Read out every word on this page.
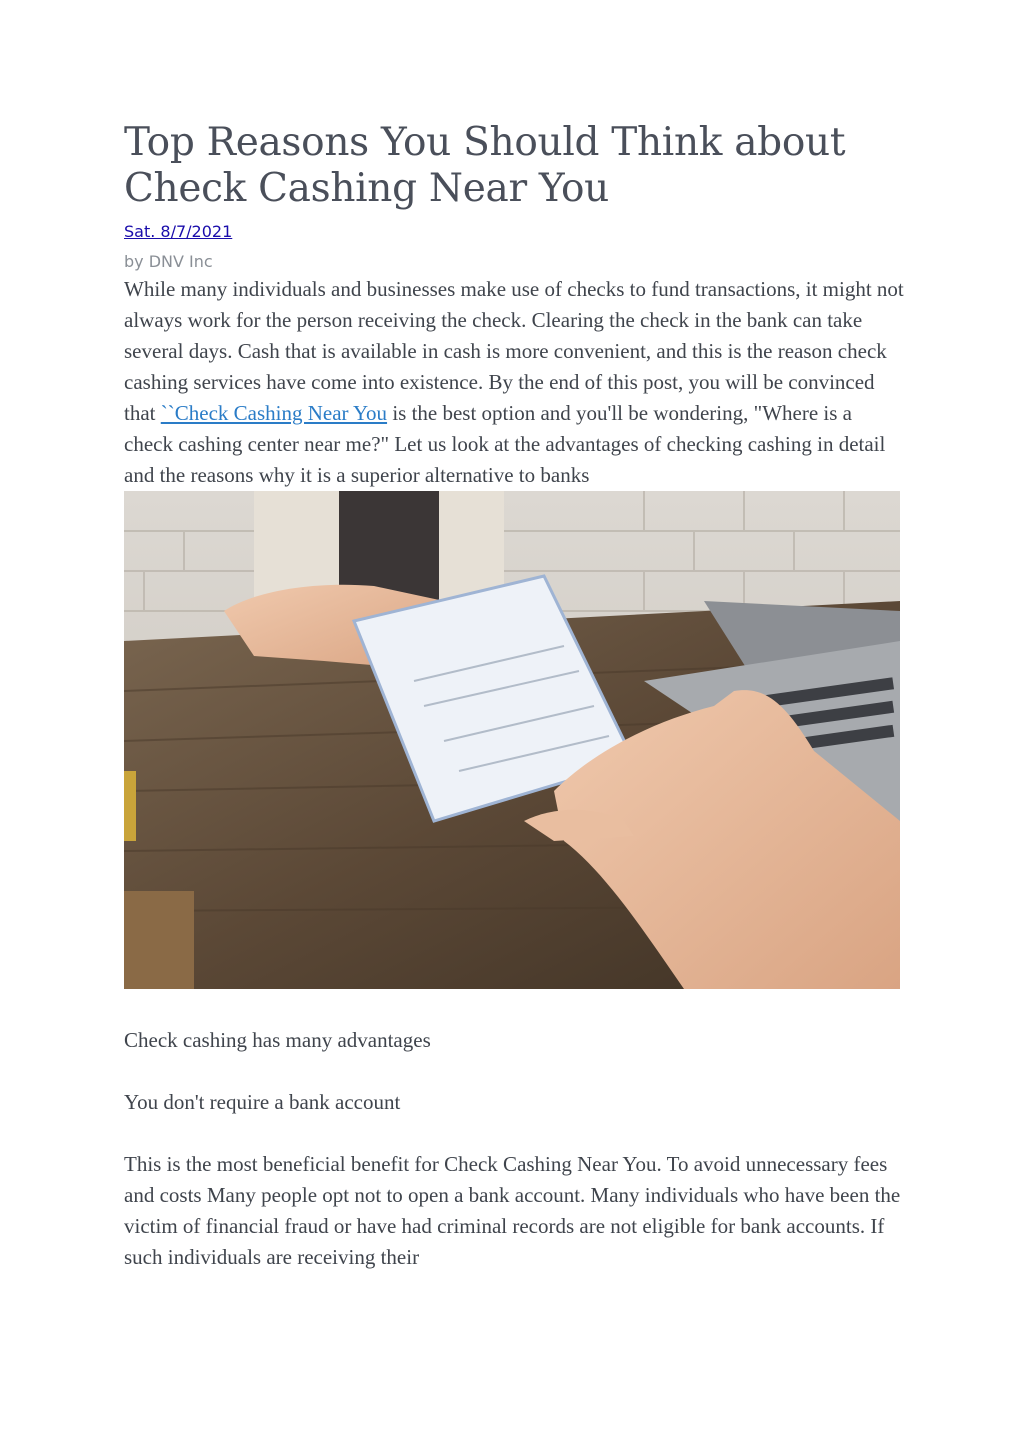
Top Reasons You Should Think about
Check Cashing Near You
Sat. 8/7/2021
by DNV Inc

While many individuals and businesses make use of checks to fund transactions, it might not always work for the person receiving the check. Clearing the check in the bank can take several days. Cash that is available in cash is more convenient, and this is the reason check cashing services have come into existence. By the end of this post, you will be convinced that ``Check Cashing Near You is the best option and you'll be wondering, "Where is a check cashing center near me?" Let us look at the advantages of checking cashing in detail and the reasons why it is a superior alternative to banks

Check cashing has many advantages

You don't require a bank account

This is the most beneficial benefit for Check Cashing Near You. To avoid unnecessary fees and costs Many people opt not to open a bank account. Many individuals who have been the victim of financial fraud or have had criminal records are not eligible for bank accounts. If such individuals are receiving their
